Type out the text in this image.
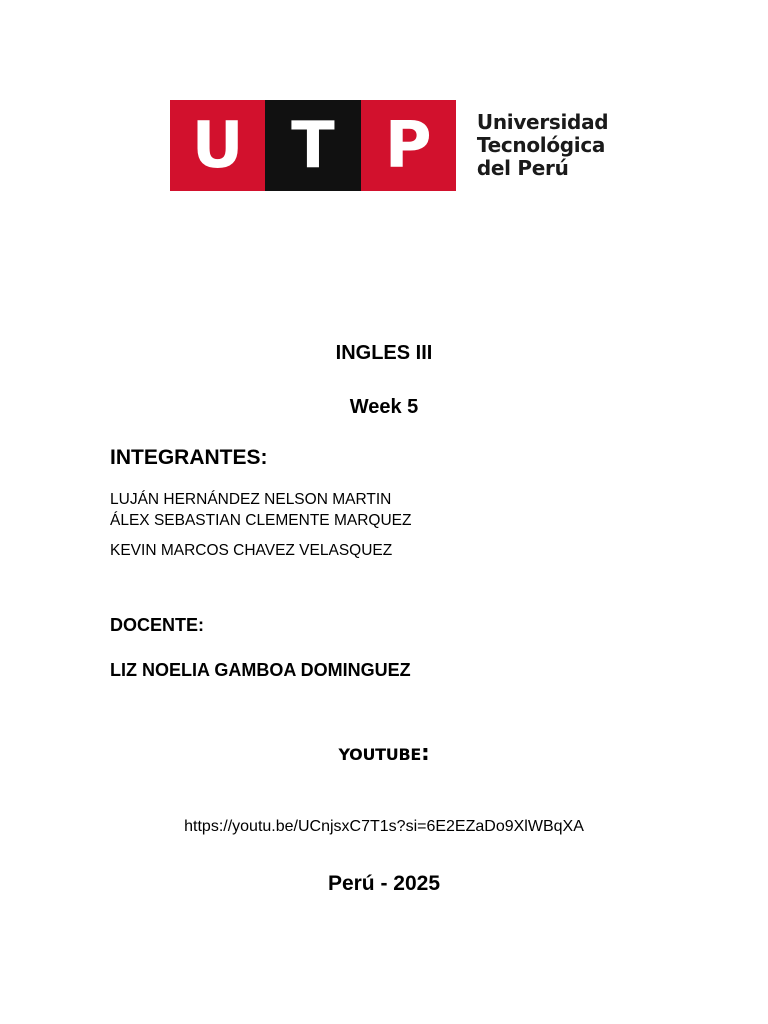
U T P	Universidad
Tecnológica
del Perú
INGLES III
Week 5
INTEGRANTES:
LUJÁN HERNÁNDEZ NELSON MARTIN
ÁLEX SEBASTIAN CLEMENTE MARQUEZ
KEVIN MARCOS CHAVEZ VELASQUEZ
DOCENTE:
LIZ NOELIA GAMBOA DOMINGUEZ
YOUTUBE:
https://youtu.be/UCnjsxC7T1s?si=6E2EZaDo9XlWBqXA
Perú - 2025
